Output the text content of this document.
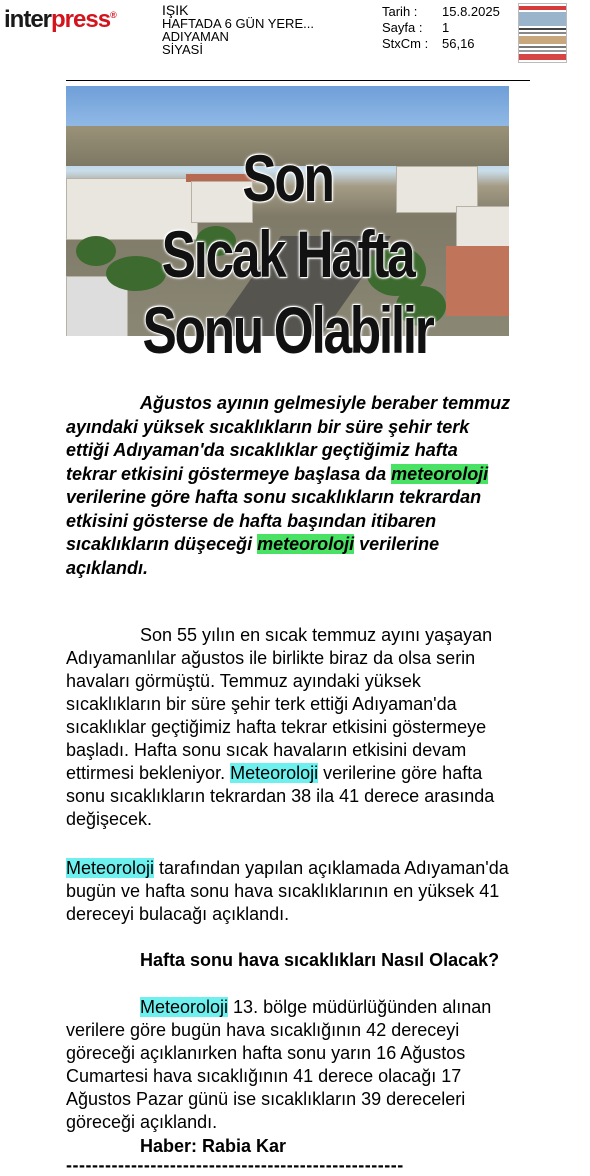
interpress®	IŞIK
HAFTADA 6 GÜN YERE...
ADIYAMAN
SİYASİ
Tarih :	15.8.2025
Sayfa :	1
StxCm :	56,16
Son
Sıcak Hafta
Sonu Olabilir
Ağustos ayının gelmesiyle beraber temmuz ayındaki yüksek sıcaklıkların bir süre şehir terk ettiği Adıyaman'da sıcaklıklar geçtiğimiz hafta tekrar etkisini göstermeye başlasa da meteoroloji verilerine göre hafta sonu sıcaklıkların tekrardan etkisini gösterse de hafta başından itibaren sıcaklıkların düşeceği meteoroloji verilerine açıklandı.
Son 55 yılın en sıcak temmuz ayını yaşayan Adıyamanlılar ağustos ile birlikte biraz da olsa serin havaları görmüştü. Temmuz ayındaki yüksek sıcaklıkların bir süre şehir terk ettiği Adıyaman'da sıcaklıklar geçtiğimiz hafta tekrar etkisini göstermeye başladı. Hafta sonu sıcak havaların etkisini devam ettirmesi bekleniyor. Meteoroloji verilerine göre hafta sonu sıcaklıkların tekrardan 38 ila 41 derece arasında değişecek.
Meteoroloji tarafından yapılan açıklamada Adıyaman'da bugün ve hafta sonu hava sıcaklıklarının en yüksek 41 dereceyi bulacağı açıklandı.
Hafta sonu hava sıcaklıkları Nasıl Olacak?
Meteoroloji 13. bölge müdürlüğünden alınan verilere göre bugün hava sıcaklığının 42 dereceyi göreceği açıklanırken hafta sonu yarın 16 Ağustos Cumartesi hava sıcaklığının 41 derece olacağı 17 Ağustos Pazar günü ise sıcaklıkların 39 dereceleri göreceği açıklandı.
Haber: Rabia Kar
----------------------------------------------------
